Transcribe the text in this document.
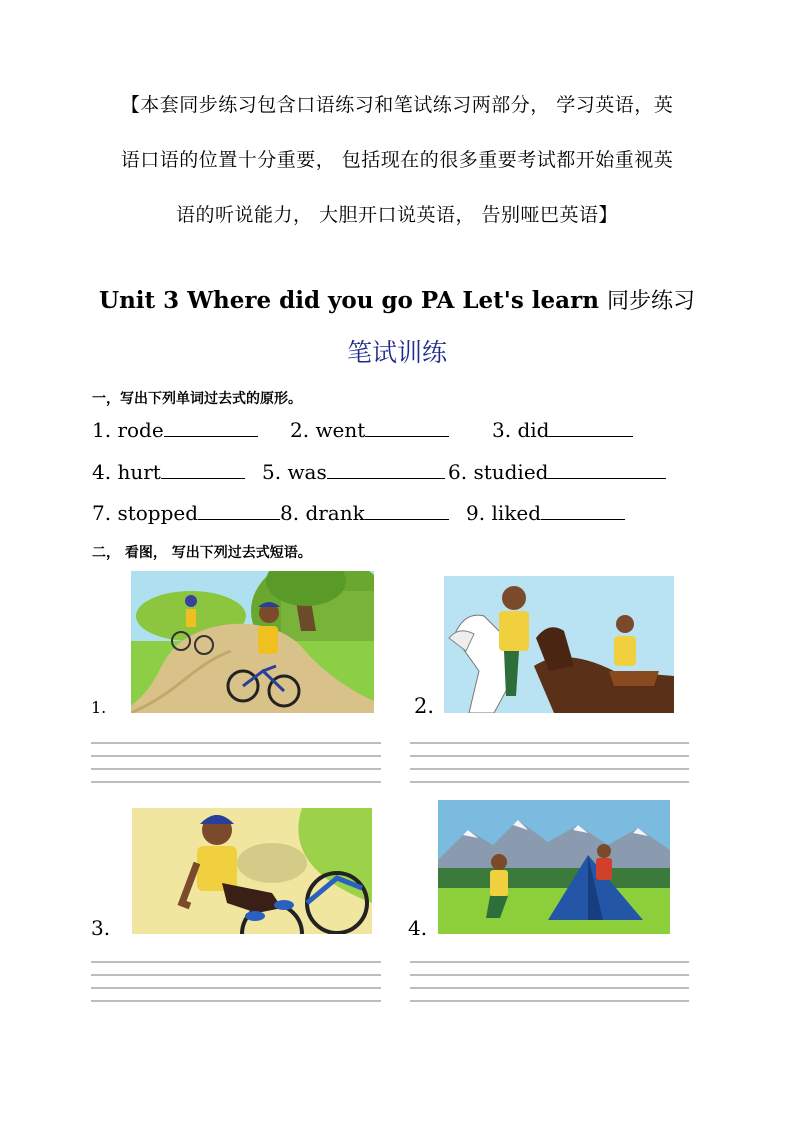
【本套同步练习包含口语练习和笔试练习两部分， 学习英语，英
语口语的位置十分重要， 包括现在的很多重要考试都开始重视英
语的听说能力， 大胆开口说英语， 告别哑巴英语】
Unit 3 Where did you go PA Let's learn 同步练习
笔试训练
一，写出下列单词过去式的原形。
1. rode	2. went	3. did
4. hurt	5. was	6. studied
7. stopped	8. drank	9. liked
二， 看图， 写出下列过去式短语。
1.	2.
3.	4.
